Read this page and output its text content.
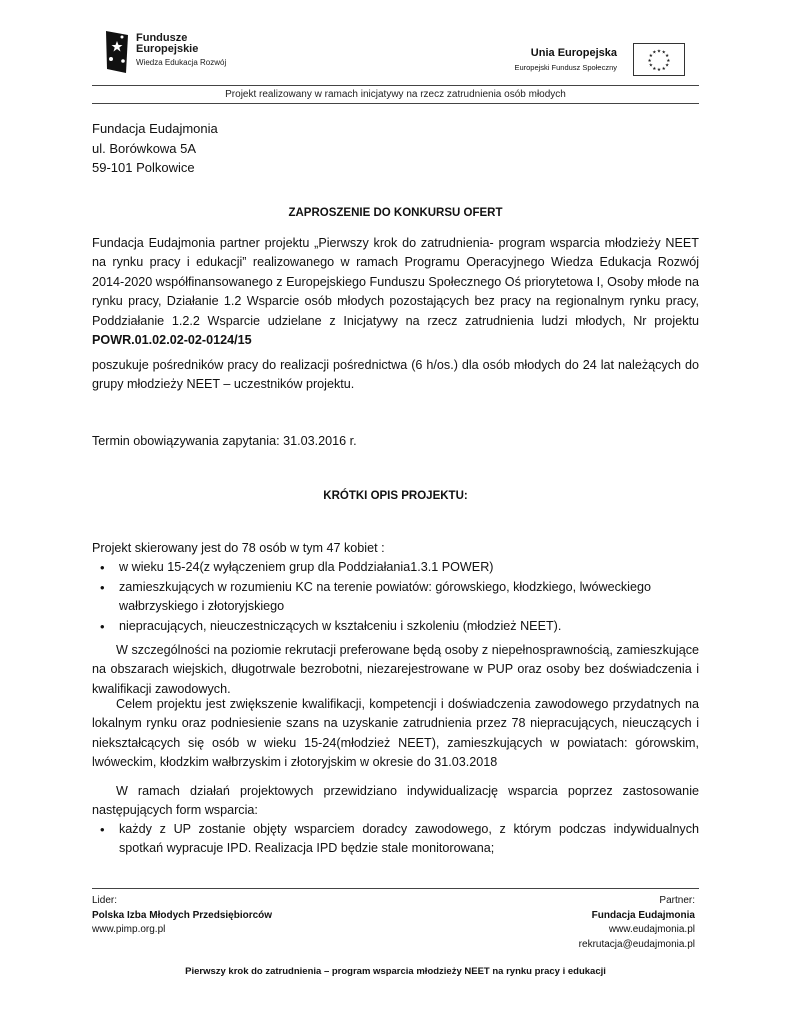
Fundusze
Europejskie
Wiedza Edukacja Rozwój
Unia Europejska
Europejski Fundusz Społeczny
★ ★
★
★
★
★
★
★
★
★
★
★
Projekt realizowany w ramach inicjatywy na rzecz zatrudnienia osób młodych
Fundacja Eudajmonia
ul. Borówkowa 5A
59-101 Polkowice
ZAPROSZENIE DO KONKURSU OFERT
Fundacja Eudajmonia partner projektu „Pierwszy krok do zatrudnienia- program wsparcia młodzieży NEET na rynku pracy i edukacji” realizowanego w ramach Programu Operacyjnego Wiedza Edukacja Rozwój 2014-2020 współfinansowanego z Europejskiego Funduszu Społecznego Oś priorytetowa I, Osoby młode na rynku pracy, Działanie 1.2 Wsparcie osób młodych pozostających bez pracy na regionalnym rynku pracy, Poddziałanie 1.2.2 Wsparcie udzielane z Inicjatywy na rzecz zatrudnienia ludzi młodych, Nr projektu POWR.01.02.02-02-0124/15
poszukuje pośredników pracy do realizacji pośrednictwa (6 h/os.) dla osób młodych do 24 lat należących do grupy młodzieży NEET – uczestników projektu.
Termin obowiązywania zapytania: 31.03.2016 r.
KRÓTKI OPIS PROJEKTU:
Projekt skierowany jest do 78 osób w tym 47 kobiet :
• w wieku 15-24(z wyłączeniem grup dla Poddziałania1.3.1 POWER)
• zamieszkujących w rozumieniu KC na terenie powiatów: górowskiego, kłodzkiego, lwóweckiego wałbrzyskiego i złotoryjskiego
• niepracujących, nieuczestniczących w kształceniu i szkoleniu (młodzież NEET).
W szczególności na poziomie rekrutacji preferowane będą osoby z niepełnosprawnością, zamieszkujące na obszarach wiejskich, długotrwale bezrobotni, niezarejestrowane w PUP oraz osoby bez doświadczenia i kwalifikacji zawodowych.
Celem projektu jest zwiększenie kwalifikacji, kompetencji i doświadczenia zawodowego przydatnych na lokalnym rynku oraz podniesienie szans na uzyskanie zatrudnienia przez 78 niepracujących, nieuczących i niekształcących się osób w wieku 15-24(młodzież NEET), zamieszkujących w powiatach: górowskim, lwóweckim, kłodzkim wałbrzyskim i złotoryjskim w okresie do 31.03.2018
W ramach działań projektowych przewidziano indywidualizację wsparcia poprzez zastosowanie następujących form wsparcia:
• każdy z UP zostanie objęty wsparciem doradcy zawodowego, z którym podczas indywidualnych spotkań wypracuje IPD. Realizacja IPD będzie stale monitorowana;
Lider:
Polska Izba Młodych Przedsiębiorców
www.pimp.org.pl
Partner:
Fundacja Eudajmonia
www.eudajmonia.pl
rekrutacja@eudajmonia.pl
Pierwszy krok do zatrudnienia – program wsparcia młodzieży NEET na rynku pracy i edukacji
